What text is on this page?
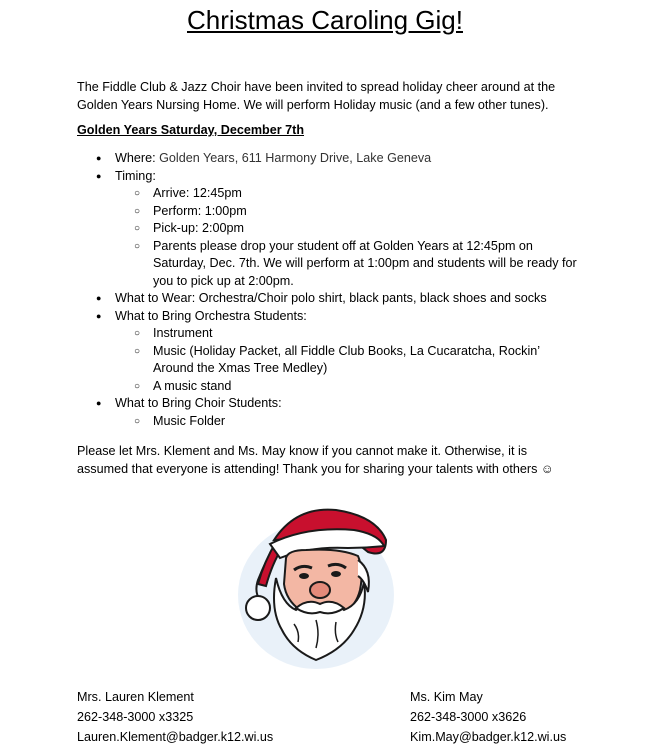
Christmas Caroling Gig!

The Fiddle Club & Jazz Choir have been invited to spread holiday cheer around at the Golden Years Nursing Home. We will perform Holiday music (and a few other tunes).

Golden Years Saturday, December 7th

● Where: Golden Years, 611 Harmony Drive, Lake Geneva
● Timing:
○ Arrive: 12:45pm
○ Perform: 1:00pm
○ Pick-up: 2:00pm
○ Parents please drop your student off at Golden Years at 12:45pm on Saturday, Dec. 7th. We will perform at 1:00pm and students will be ready for you to pick up at 2:00pm.
● What to Wear: Orchestra/Choir polo shirt, black pants, black shoes and socks
● What to Bring Orchestra Students:
○ Instrument
○ Music (Holiday Packet, all Fiddle Club Books, La Cucaratcha, Rockin’ Around the Xmas Tree Medley)
○ A music stand
● What to Bring Choir Students:
○ Music Folder

Please let Mrs. Klement and Ms. May know if you cannot make it. Otherwise, it is assumed that everyone is attending! Thank you for sharing your talents with others ☺

Mrs. Lauren Klement
262-348-3000 x3325
Lauren.Klement@badger.k12.wi.us
Ms. Kim May
262-348-3000 x3626
Kim.May@badger.k12.wi.us
